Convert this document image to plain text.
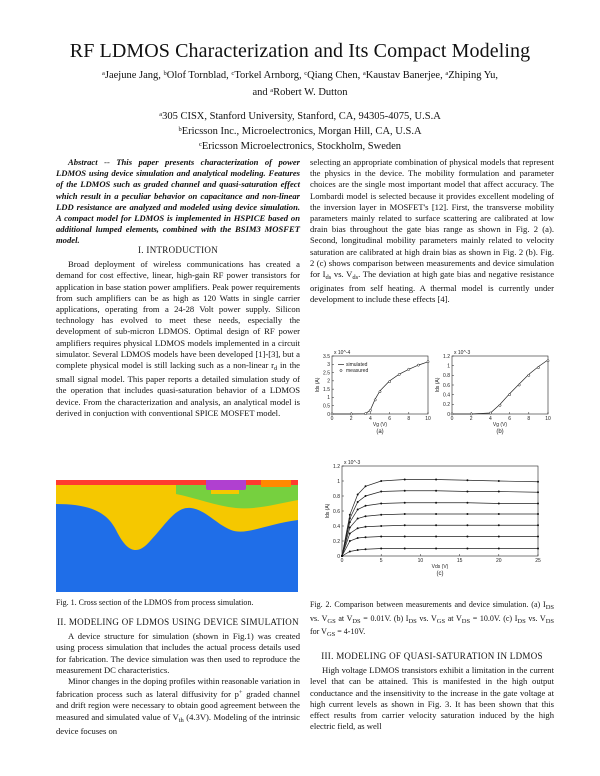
RF LDMOS Characterization and Its Compact Modeling
$^a$Jaejune Jang, $^b$Olof Tornblad, $^c$Torkel Arnborg, $^c$Qiang Chen, $^a$Kaustav Banerjee, $^a$Zhiping Yu,
and $^a$Robert W. Dutton
$^a$305 CISX, Stanford University, Stanford, CA, 94305-4075, U.S.A
$^b$Ericsson Inc., Microelectronics, Morgan Hill, CA, U.S.A
$^c$Ericsson Microelectronics, Stockholm, Sweden
Abstract -- This paper presents characterization of power LDMOS using device simulation and analytical modeling. Features of the LDMOS such as graded channel and quasi-saturation effect which result in a peculiar behavior on capacitance and non-linear LDD resistance are analyzed and modeled using device simulation. A compact model for LDMOS is implemented in HSPICE based on additional lumped elements, combined with the BSIM3 MOSFET model.
I. INTRODUCTION

Broad deployment of wireless communications has created a demand for cost effective, linear, high-gain RF power transistors for application in base station power amplifiers. Peak power requirements from such amplifiers can be as high as 120 Watts in single carrier applications, operating from a 24-28 Volt power supply. Silicon technology has evolved to meet these needs, especially the development of sub-micron LDMOS. Optimal design of RF power amplifiers requires physical LDMOS models implemented in a circuit simulator. Several LDMOS models have been developed [1]-[3], but a complete physical model is still lacking such as a non-linear $r_d$ in the small signal model. This paper reports a detailed simulation study of the operation that includes quasi-saturation behavior of a LDMOS device. From the characterization and analysis, an analytical model is derived in conjuction with conventional SPICE MOSFET model.

Fig. 1. Cross section of the LDMOS from process simulation.
II. MODELING OF LDMOS USING DEVICE SIMULATION

A device structure for simulation (shown in Fig.1) was created using process simulation that includes the actual process details used for fabrication. The device simulation was then used to reproduce the measurement DC characteristics.

Minor changes in the doping profiles within reasonable variation in fabrication process such as lateral diffusivity for p+ graded channel and drift region were necessary to obtain good agreement between the measured and simulated value of $V_{th}$ (4.3V). Modeling of the intrinsic device focuses on

selecting an appropriate combination of physical models that represent the physics in the device. The mobility formulation and parameter choices are the single most important model that affect accuracy. The Lombardi model is selected because it provides excellent modeling of the inversion layer in MOSFET's [12]. First, the transverse mobility parameters mainly related to surface scattering are calibrated at low drain bias throughout the gate bias range as shown in Fig. 2 (a). Second, longitudinal mobility parameters mainly related to velocity saturation are calibrated at high drain bias as shown in Fig. 2 (b). Fig. 2 (c) shows comparison between measurements and device simulation for $I_{ds}$ vs. $V_{ds}$. The deviation at high gate bias and negative resistance originates from self heating. A thermal model is currently under development to include these effects [4].

0	2	4	6	8	10
0
0.5
1
1.5
2
2.5
3
3.5
Vg (V)
Ids (A)
x 10^-4
(a)
simulated
measured
0	2	4	6	8	10
0
0.2
0.4
0.6
0.8
1
1.2
Vg (V)
Ids (A)
x 10^-3
(b)
0	5	10	15	20	25
0
0.2
0.4
0.6
0.8
1
1.2
Vds (V)
Ids (A)
x 10^-3
(c)
Fig. 2. Comparison between measurements and device simulation. (a) $I_{DS}$ vs. $V_{GS}$ at $V_{DS} = 0.01V$. (b) $I_{DS}$ vs. $V_{GS}$ at $V_{DS} = 10.0V$. (c) $I_{DS}$ vs. $V_{DS}$ for $V_{GS} = 4-10V$.
III. MODELING OF QUASI-SATURATION IN LDMOS

High voltage LDMOS transistors exhibit a limitation in the current level that can be attained. This is manifested in the high output conductance and the insensitivity to the increase in the gate voltage at high current levels as shown in Fig. 3. It has been shown that this effect results from carrier velocity saturation induced by the high electric field, as well
